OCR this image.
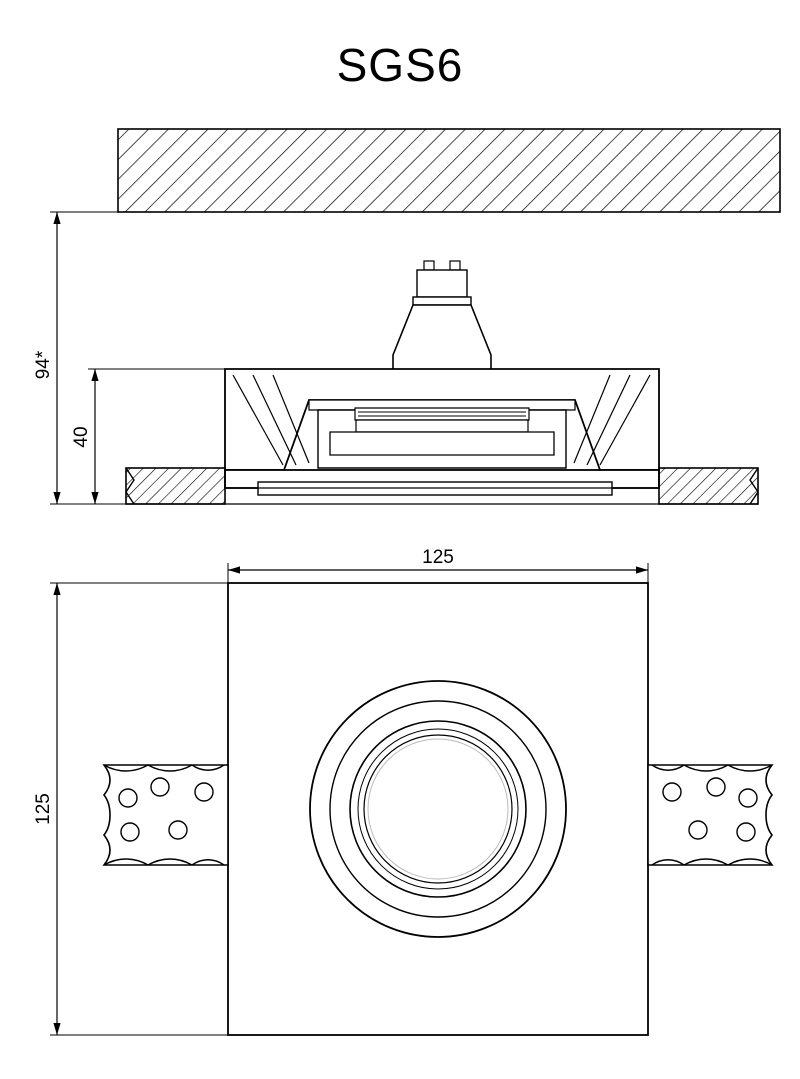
SGS6
94*
40
125
125
